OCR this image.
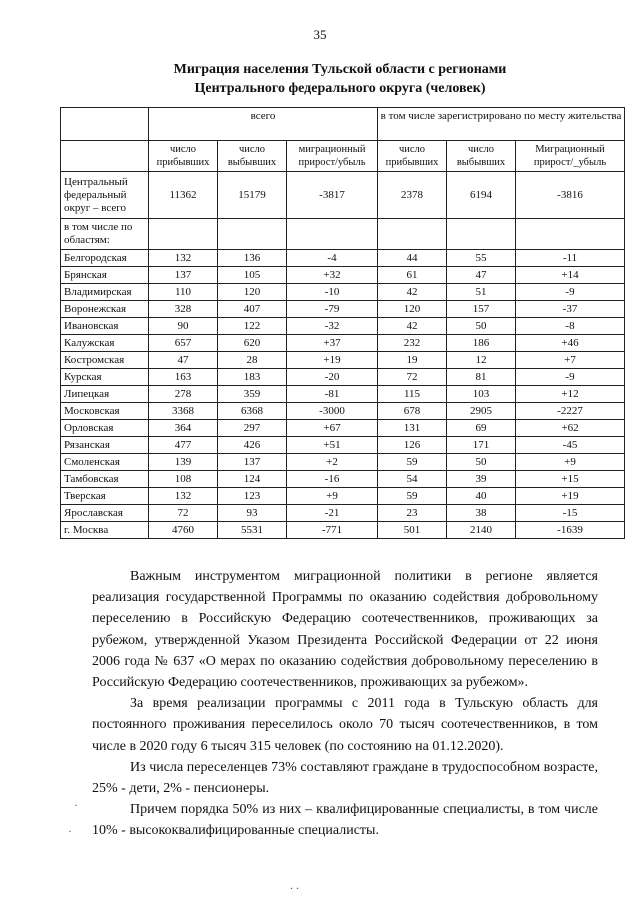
35
Миграция населения Тульской области с регионами
Центрального федерального округа (человек)
	всего			в том числе зарегистрировано по месту жительства		
	число прибывших	число выбывших	миграционный прирост/убыль	число прибывших	число выбывших	Миграционный прирост/_убыль
Центральный федеральный округ – всего	11362	15179	-3817	2378	6194	-3816
в том числе по областям:						
Белгородская	132	136	-4	44	55	-11
Брянская	137	105	+32	61	47	+14
Владимирская	110	120	-10	42	51	-9
Воронежская	328	407	-79	120	157	-37
Ивановская	90	122	-32	42	50	-8
Калужская	657	620	+37	232	186	+46
Костромская	47	28	+19	19	12	+7
Курская	163	183	-20	72	81	-9
Липецкая	278	359	-81	115	103	+12
Московская	3368	6368	-3000	678	2905	-2227
Орловская	364	297	+67	131	69	+62
Рязанская	477	426	+51	126	171	-45
Смоленская	139	137	+2	59	50	+9
Тамбовская	108	124	-16	54	39	+15
Тверская	132	123	+9	59	40	+19
Ярославская	72	93	-21	23	38	-15
г. Москва	4760	5531	-771	501	2140	-1639

Важным инструментом миграционной политики в регионе является реализация государственной Программы по оказанию содействия добровольному переселению в Российскую Федерацию соотечественников, проживающих за рубежом, утвержденной Указом Президента Российской Федерации от 22 июня 2006 года № 637 «О мерах по оказанию содействия добровольному переселению в Российскую Федерацию соотечественников, проживающих за рубежом».

За время реализации программы с 2011 года в Тульскую область для постоянного проживания переселилось около 70 тысяч соотечественников, в том числе в 2020 году 6 тысяч 315 человек (по состоянию на 01.12.2020).

Из числа переселенцев 73% составляют граждане в трудоспособном возрасте, 25% - дети, 2% - пенсионеры.

Причем порядка 50% из них – квалифицированные специалисты, в том числе 10% - высококвалифицированные специалисты.

·
·
. .
